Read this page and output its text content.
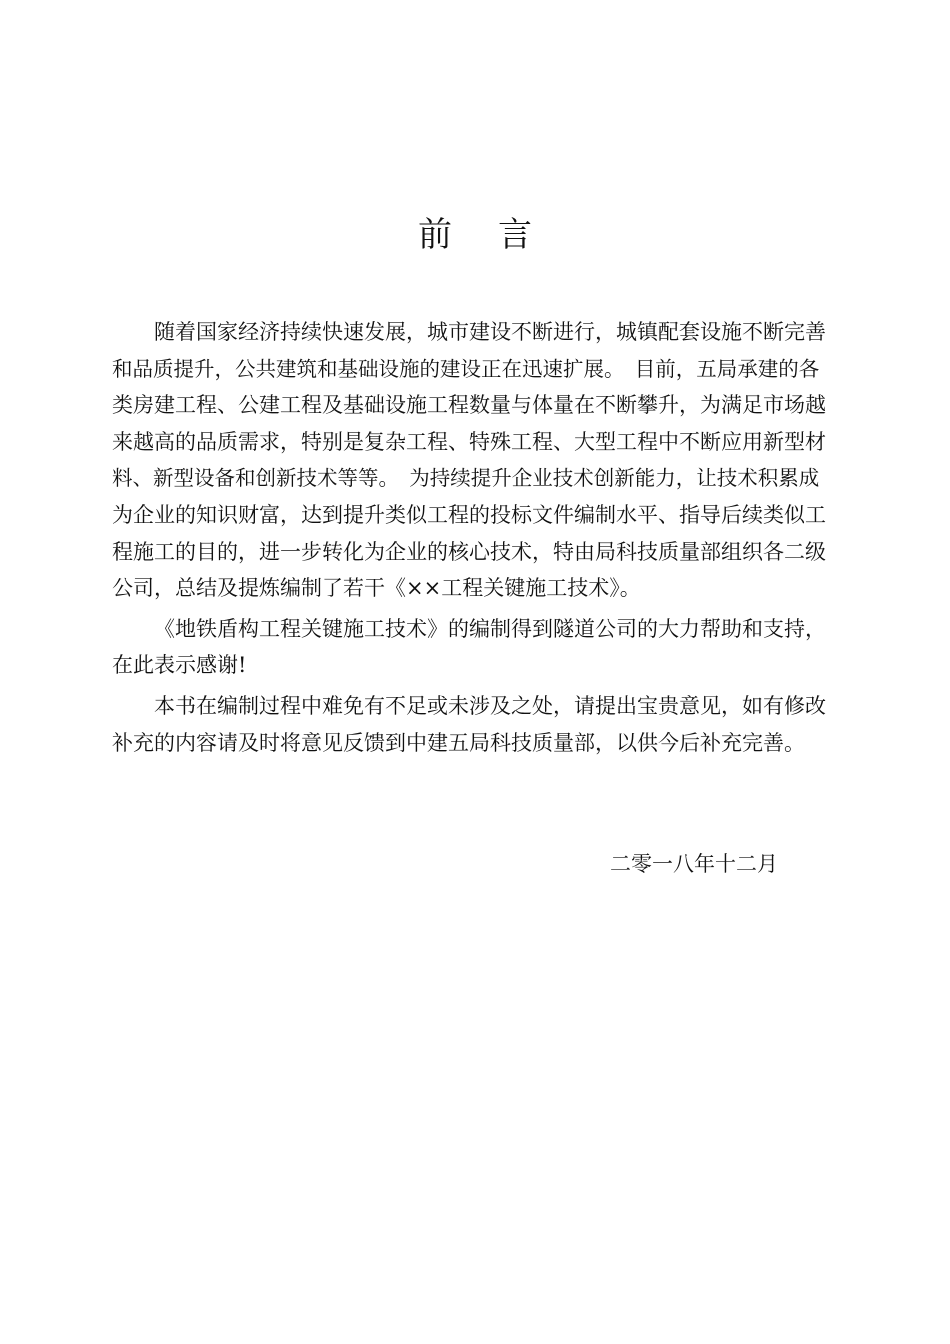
前 言

随着国家经济持续快速发展，城市建设不断进行，城镇配套设施不断完善

和品质提升，公共建筑和基础设施的建设正在迅速扩展。　目前，五局承建的各

类房建工程、公建工程及基础设施工程数量与体量在不断攀升，为满足市场越

来越高的品质需求，特别是复杂工程、特殊工程、大型工程中不断应用新型材

料、新型设备和创新技术等等。　为持续提升企业技术创新能力，让技术积累成

为企业的知识财富，达到提升类似工程的投标文件编制水平、指导后续类似工

程施工的目的，进一步转化为企业的核心技术，特由局科技质量部组织各二级

公司，总结及提炼编制了若干《××工程关键施工技术》。

《地铁盾构工程关键施工技术》的编制得到隧道公司的大力帮助和支持，

在此表示感谢!

本书在编制过程中难免有不足或未涉及之处，请提出宝贵意见，如有修改

补充的内容请及时将意见反馈到中建五局科技质量部，以供今后补充完善。

二零一八年十二月
